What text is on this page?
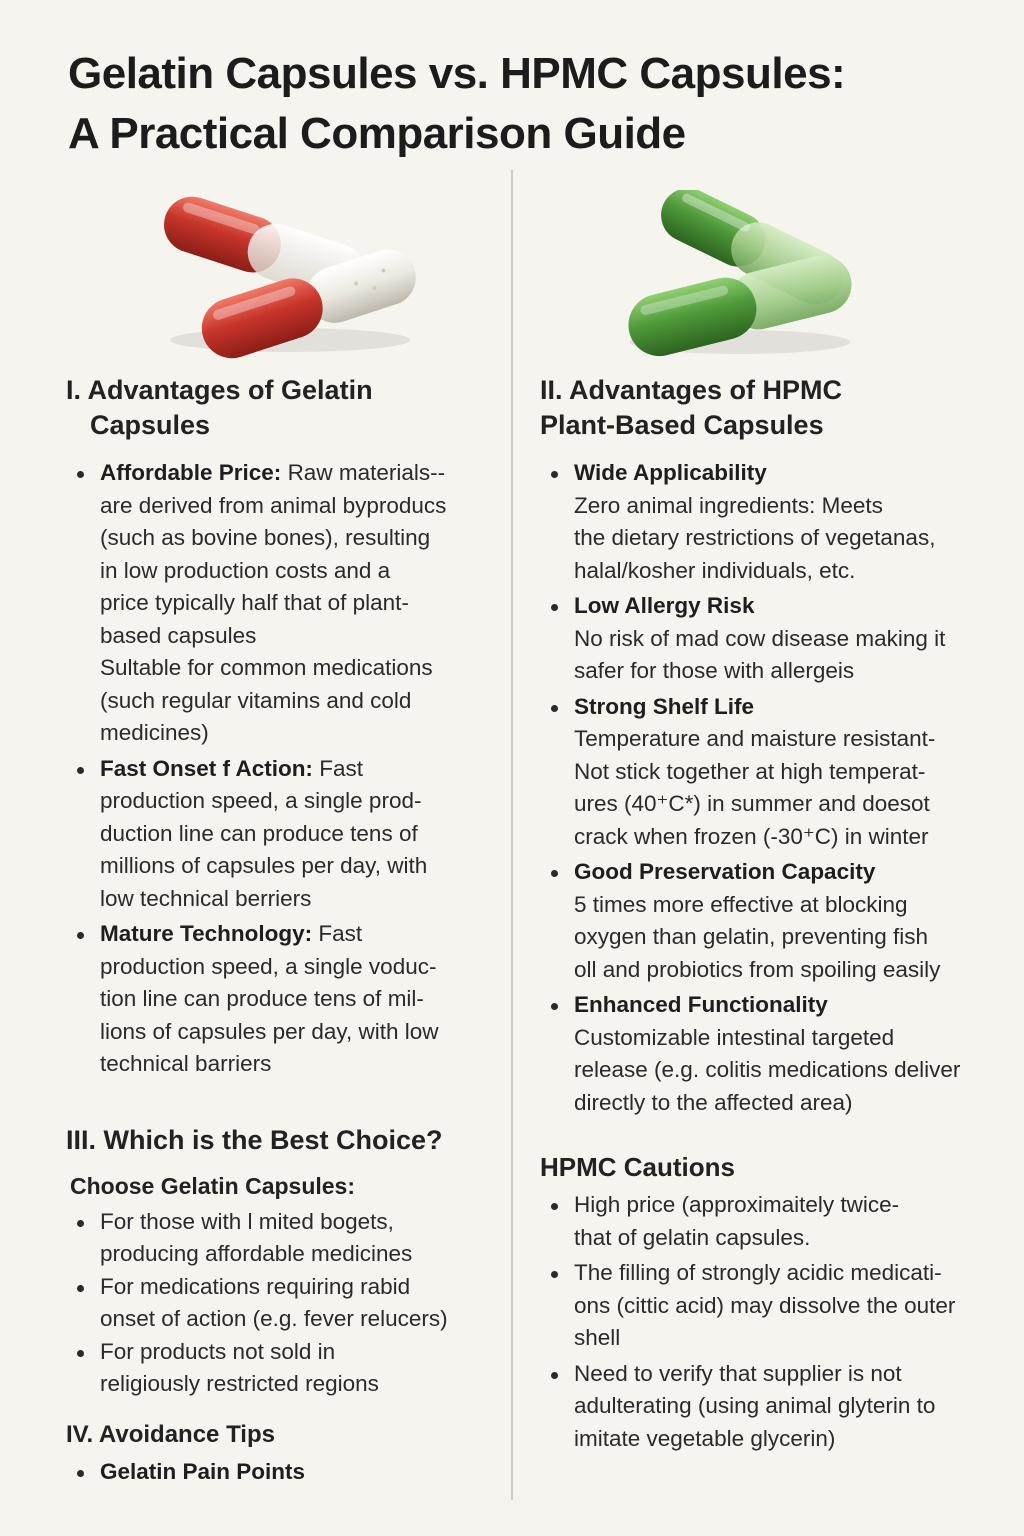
Gelatin Capsules vs. HPMC Capsules:
A Practical Comparison Guide
I. Advantages of Gelatin
Capsules
Affordable Price: Raw materials--
are derived from animal byproducs
(such as bovine bones), resulting
in low production costs and a
price typically half that of plant-
based capsules
Sultable for common medications
(such regular vitamins and cold
medicines)
Fast Onset f Action: Fast
production speed, a single prod-
duction line can produce tens of
millions of capsules per day, with
low technical berriers
Mature Technology: Fast
production speed, a single voduc-
tion line can produce tens of mil-
lions of capsules per day, with low
technical barriers
III. Which is the Best Choice?
Choose Gelatin Capsules:
For those with l mited bogets,
producing affordable medicines
For medications requiring rabid
onset of action (e.g. fever relucers)
For products not sold in
religiously restricted regions
IV. Avoidance Tips
Gelatin Pain Points
II. Advantages of HPMC
Plant-Based Capsules
Wide Applicability
Zero animal ingredients: Meets
the dietary restrictions of vegetanas,
halal/kosher individuals, etc.
Low Allergy Risk
No risk of mad cow disease making it
safer for those with allergeis
Strong Shelf Life
Temperature and maisture resistant-
Not stick together at high temperat-
ures (40⁺C*) in summer and doesot
crack when frozen (-30⁺C) in winter
Good Preservation Capacity
5 times more effective at blocking
oxygen than gelatin, preventing fish
oll and probiotics from spoiling easily
Enhanced Functionality
Customizable intestinal targeted
release (e.g. colitis medications deliver
directly to the affected area)
HPMC Cautions
High price (approximaitely twice-
that of gelatin capsules.
The filling of strongly acidic medicati-
ons (cittic acid) may dissolve the outer
shell
Need to verify that supplier is not
adulterating (using animal glyterin to
imitate vegetable glycerin)
